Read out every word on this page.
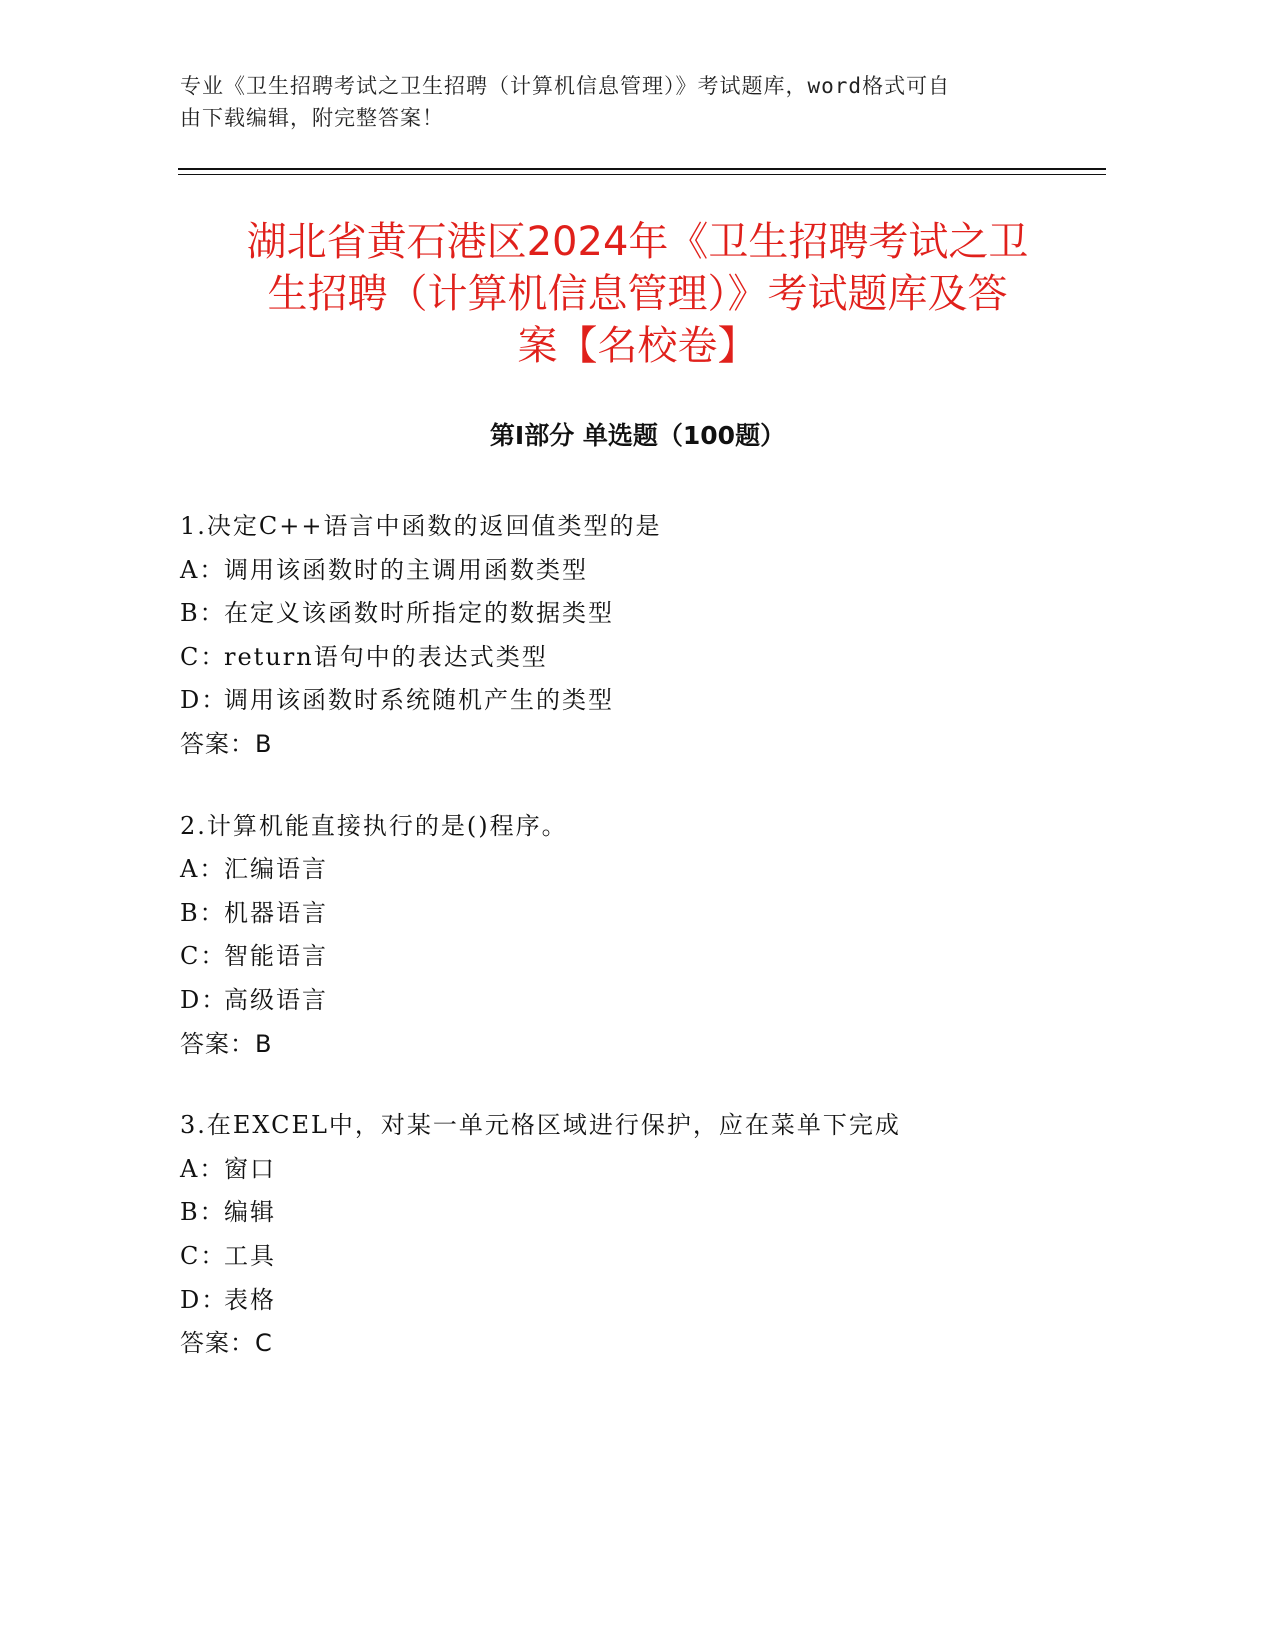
专业《卫生招聘考试之卫生招聘（计算机信息管理）》考试题库，word格式可自
由下载编辑，附完整答案！
湖北省黄石港区2024年《卫生招聘考试之卫
生招聘（计算机信息管理）》考试题库及答
案【名校卷】
第Ⅰ部分 单选题（100题）
1.决定C++语言中函数的返回值类型的是
A：调用该函数时的主调用函数类型
B：在定义该函数时所指定的数据类型
C：return语句中的表达式类型
D：调用该函数时系统随机产生的类型
答案：B
2.计算机能直接执行的是()程序。
A：汇编语言
B：机器语言
C：智能语言
D：高级语言
答案：B
3.在EXCEL中，对某一单元格区域进行保护，应在菜单下完成
A：窗口
B：编辑
C：工具
D：表格
答案：C
